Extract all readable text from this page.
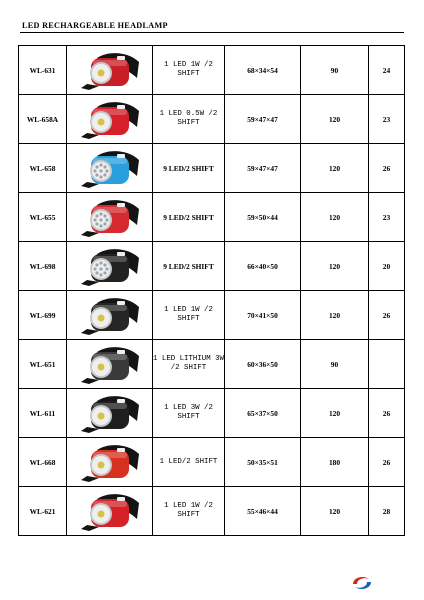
LED RECHARGEABLE HEADLAMP
WL-631		1 LED 1W /2 SHIFT	68×34×54	90	24
WL-658A		1 LED 0.5W /2 SHIFT	59×47×47	120	23
WL-658		9 LED/2 SHIFT	59×47×47	120	26
WL-655		9 LED/2 SHIFT	59×50×44	120	23
WL-698		9 LED/2 SHIFT	66×40×50	120	20
WL-699		1 LED 1W /2 SHIFT	70×41×50	120	26
WL-651		1 LED LITHIUM 3W /2 SHIFT	60×36×50	90	
WL-611		1 LED 3W /2 SHIFT	65×37×50	120	26
WL-668		1 LED/2 SHIFT	50×35×51	180	26
WL-621		1 LED 1W /2 SHIFT	55×46×44	120	28
